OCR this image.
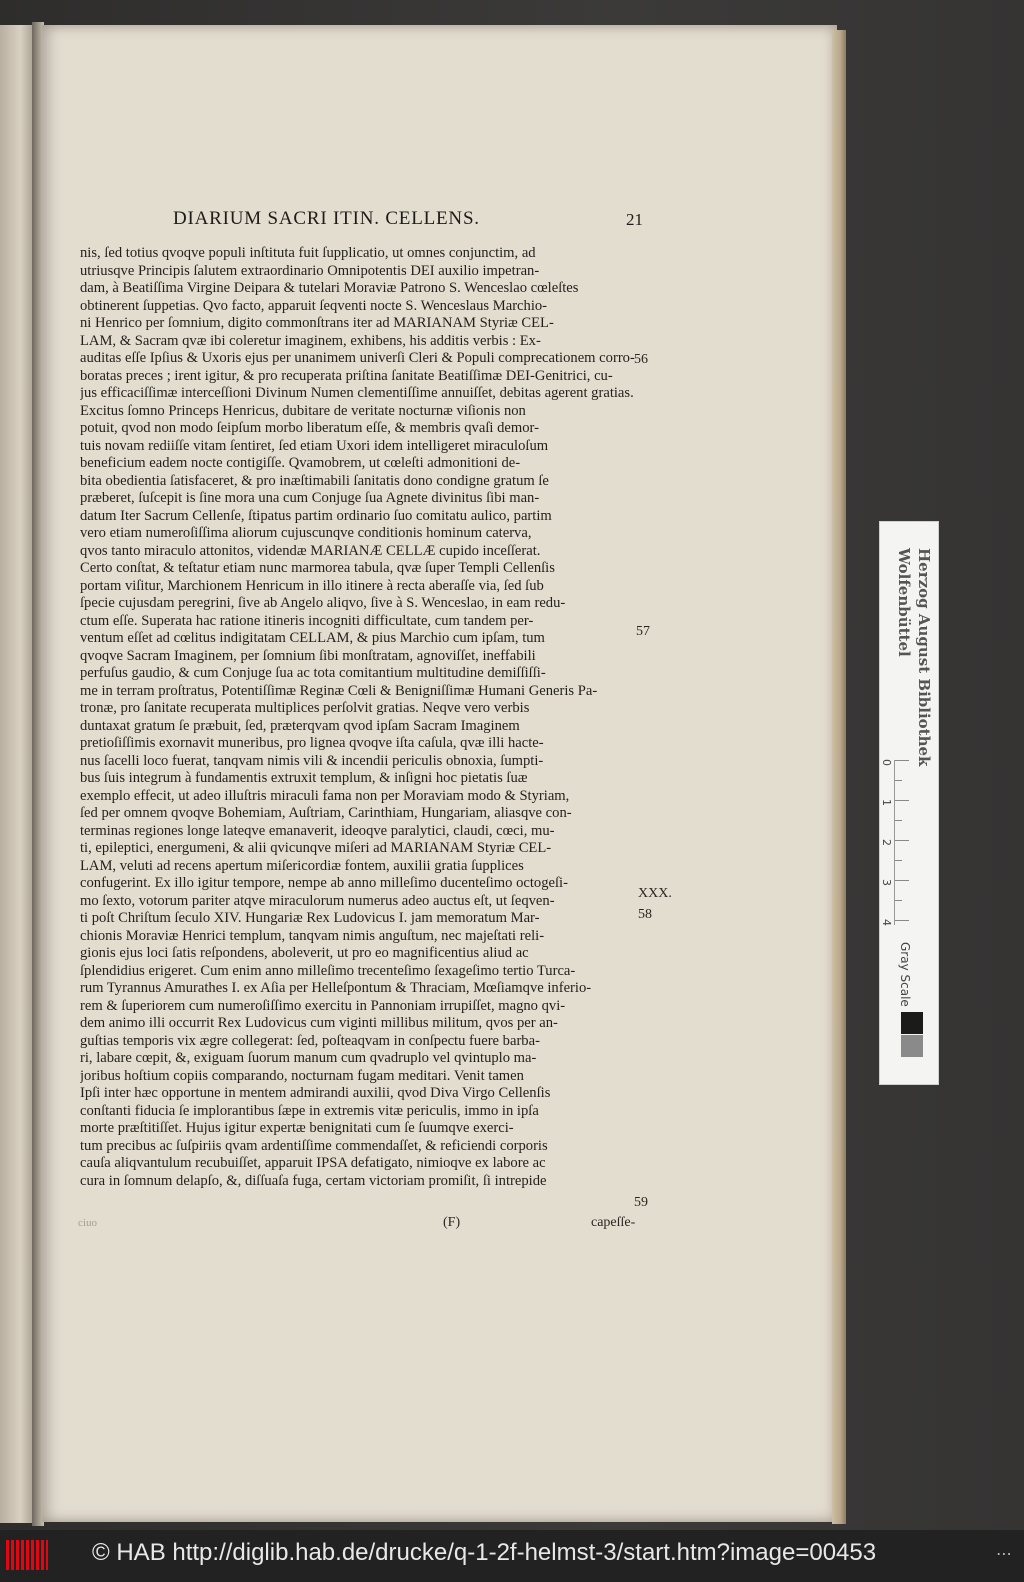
DIARIUM SACRI ITIN. CELLENS.	21
nis, ſed totius qvoqve populi inſtituta fuit ſupplicatio, ut omnes conjunctim, ad
utriusqve Principis ſalutem extraordinario Omnipotentis DEI auxilio impetran-
dam, à Beatiſſima Virgine Deipara & tutelari Moraviæ Patrono S. Wenceslao cœleſtes
obtinerent ſuppetias. Qvo facto, apparuit ſeqventi nocte S. Wenceslaus Marchio-
ni Henrico per ſomnium, digito commonſtrans iter ad MARIANAM Styriæ CEL-
LAM, & Sacram qvæ ibi coleretur imaginem, exhibens, his additis verbis : Ex-
auditas eſſe Ipſius & Uxoris ejus per unanimem univerſi Cleri & Populi comprecationem corro-
boratas preces ; irent igitur, & pro recuperata priſtina ſanitate Beatiſſimæ DEI-Genitrici, cu-
jus efficaciſſimæ interceſſioni Divinum Numen clementiſſime annuiſſet, debitas agerent gratias.
Excitus ſomno Princeps Henricus, dubitare de veritate nocturnæ viſionis non
potuit, qvod non modo ſeipſum morbo liberatum eſſe, & membris qvaſi demor-
tuis novam rediiſſe vitam ſentiret, ſed etiam Uxori idem intelligeret miraculoſum
beneficium eadem nocte contigiſſe. Qvamobrem, ut cœleſti admonitioni de-
bita obedientia ſatisfaceret, & pro inæſtimabili ſanitatis dono condigne gratum ſe
præberet, ſuſcepit is ſine mora una cum Conjuge ſua Agnete divinitus ſibi man-
datum Iter Sacrum Cellenſe, ſtipatus partim ordinario ſuo comitatu aulico, partim
vero etiam numeroſiſſima aliorum cujuscunqve conditionis hominum caterva,
qvos tanto miraculo attonitos, videndæ MARIANÆ CELLÆ cupido inceſſerat.
Certo conſtat, & teſtatur etiam nunc marmorea tabula, qvæ ſuper Templi Cellenſis
portam viſitur, Marchionem Henricum in illo itinere à recta aberaſſe via, ſed ſub
ſpecie cujusdam peregrini, ſive ab Angelo aliqvo, ſive à S. Wenceslao, in eam redu-
ctum eſſe. Superata hac ratione itineris incogniti difficultate, cum tandem per-
ventum eſſet ad cœlitus indigitatam CELLAM, & pius Marchio cum ipſam, tum
qvoqve Sacram Imaginem, per ſomnium ſibi monſtratam, agnoviſſet, ineffabili
perfuſus gaudio, & cum Conjuge ſua ac tota comitantium multitudine demiſſiſſi-
me in terram proſtratus, Potentiſſimæ Reginæ Cœli & Benigniſſimæ Humani Generis Pa-
tronæ, pro ſanitate recuperata multiplices perſolvit gratias. Neqve vero verbis
duntaxat gratum ſe præbuit, ſed, præterqvam qvod ipſam Sacram Imaginem
pretioſiſſimis exornavit muneribus, pro lignea qvoqve iſta caſula, qvæ illi hacte-
nus ſacelli loco fuerat, tanqvam nimis vili & incendii periculis obnoxia, ſumpti-
bus ſuis integrum à fundamentis extruxit templum, & inſigni hoc pietatis ſuæ
exemplo effecit, ut adeo illuſtris miraculi fama non per Moraviam modo & Styriam,
ſed per omnem qvoqve Bohemiam, Auſtriam, Carinthiam, Hungariam, aliasqve con-
terminas regiones longe lateqve emanaverit, ideoqve paralytici, claudi, cœci, mu-
ti, epileptici, energumeni, & alii qvicunqve miſeri ad MARIANAM Styriæ CEL-
LAM, veluti ad recens apertum miſericordiæ fontem, auxilii gratia ſupplices
confugerint. Ex illo igitur tempore, nempe ab anno milleſimo ducenteſimo octogeſi-
mo ſexto, votorum pariter atqve miraculorum numerus adeo auctus eſt, ut ſeqven-
ti poſt Chriſtum ſeculo XIV. Hungariæ Rex Ludovicus I. jam memoratum Mar-
chionis Moraviæ Henrici templum, tanqvam nimis anguſtum, nec majeſtati reli-
gionis ejus loci ſatis reſpondens, aboleverit, ut pro eo magnificentius aliud ac
ſplendidius erigeret. Cum enim anno milleſimo trecenteſimo ſexageſimo tertio Turca-
rum Tyrannus Amurathes I. ex Aſia per Helleſpontum & Thraciam, Mœſiamqve inferio-
rem & ſuperiorem cum numeroſiſſimo exercitu in Pannoniam irrupiſſet, magno qvi-
dem animo illi occurrit Rex Ludovicus cum viginti millibus militum, qvos per an-
guſtias temporis vix ægre collegerat: ſed, poſteaqvam in conſpectu fuere barba-
ri, labare cœpit, &, exiguam ſuorum manum cum qvadruplo vel qvintuplo ma-
joribus hoſtium copiis comparando, nocturnam fugam meditari. Venit tamen
Ipſi inter hæc opportune in mentem admirandi auxilii, qvod Diva Virgo Cellenſis
conſtanti fiducia ſe implorantibus ſæpe in extremis vitæ periculis, immo in ipſa
morte præſtitiſſet. Hujus igitur expertæ benignitati cum ſe ſuumqve exerci-
tum precibus ac ſuſpiriis qvam ardentiſſime commendaſſet, & reficiendi corporis
cauſa aliqvantulum recubuiſſet, apparuit IPSA defatigato, nimioqve ex labore ac
cura in ſomnum delapſo, &, diſſuaſa fuga, certam victoriam promiſit, ſi intrepide
56
57
XXX.
58
59
ciuo	(F)	capeſſe-
Herzog August Bibliothek
Wolfenbüttel
0
1
2
3
4
Gray Scale
© HAB http://diglib.hab.de/drucke/q-1-2f-helmst-3/start.htm?image=00453	⋯
